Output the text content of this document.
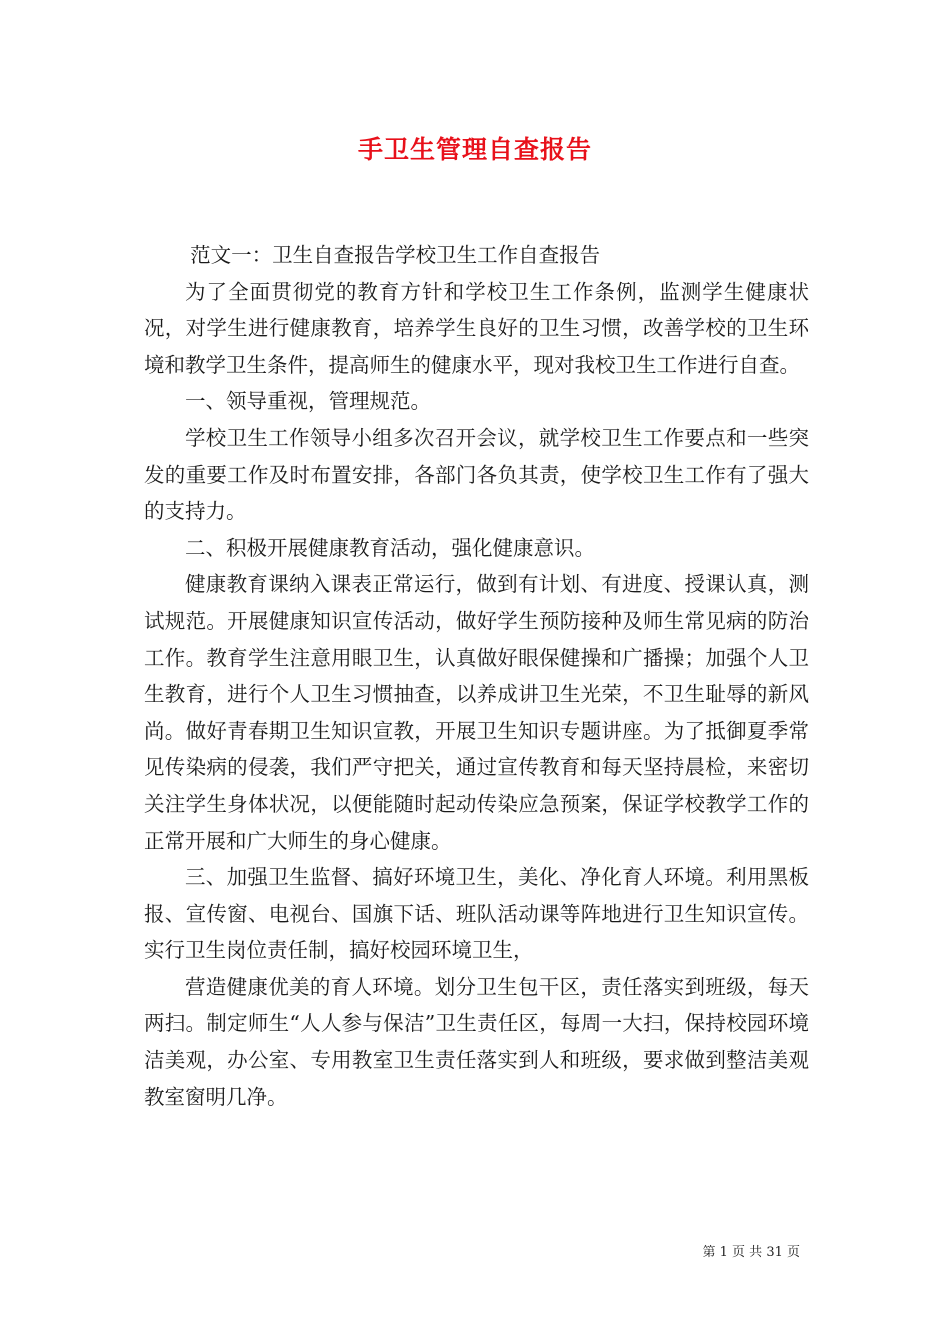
手卫生管理自查报告

范文一：卫生自查报告学校卫生工作自查报告

为了全面贯彻党的教育方针和学校卫生工作条例，监测学生健康状况，对学生进行健康教育，培养学生良好的卫生习惯，改善学校的卫生环境和教学卫生条件，提高师生的健康水平，现对我校卫生工作进行自查。

一、领导重视，管理规范。

学校卫生工作领导小组多次召开会议，就学校卫生工作要点和一些突发的重要工作及时布置安排，各部门各负其责，使学校卫生工作有了强大的支持力。

二、积极开展健康教育活动，强化健康意识。

健康教育课纳入课表正常运行，做到有计划、有进度、授课认真，测试规范。开展健康知识宣传活动，做好学生预防接种及师生常见病的防治工作。教育学生注意用眼卫生，认真做好眼保健操和广播操；加强个人卫生教育，进行个人卫生习惯抽查，以养成讲卫生光荣，不卫生耻辱的新风尚。做好青春期卫生知识宣教，开展卫生知识专题讲座。为了抵御夏季常见传染病的侵袭，我们严守把关，通过宣传教育和每天坚持晨检，来密切关注学生身体状况，以便能随时起动传染应急预案，保证学校教学工作的正常开展和广大师生的身心健康。

三、加强卫生监督、搞好环境卫生，美化、净化育人环境。利用黑板报、宣传窗、电视台、国旗下话、班队活动课等阵地进行卫生知识宣传。实行卫生岗位责任制，搞好校园环境卫生，

营造健康优美的育人环境。划分卫生包干区，责任落实到班级，每天两扫。制定师生“人人参与保洁”卫生责任区，每周一大扫，保持校园环境洁美观，办公室、专用教室卫生责任落实到人和班级，要求做到整洁美观教室窗明几净。

第 1 页 共 31 页
